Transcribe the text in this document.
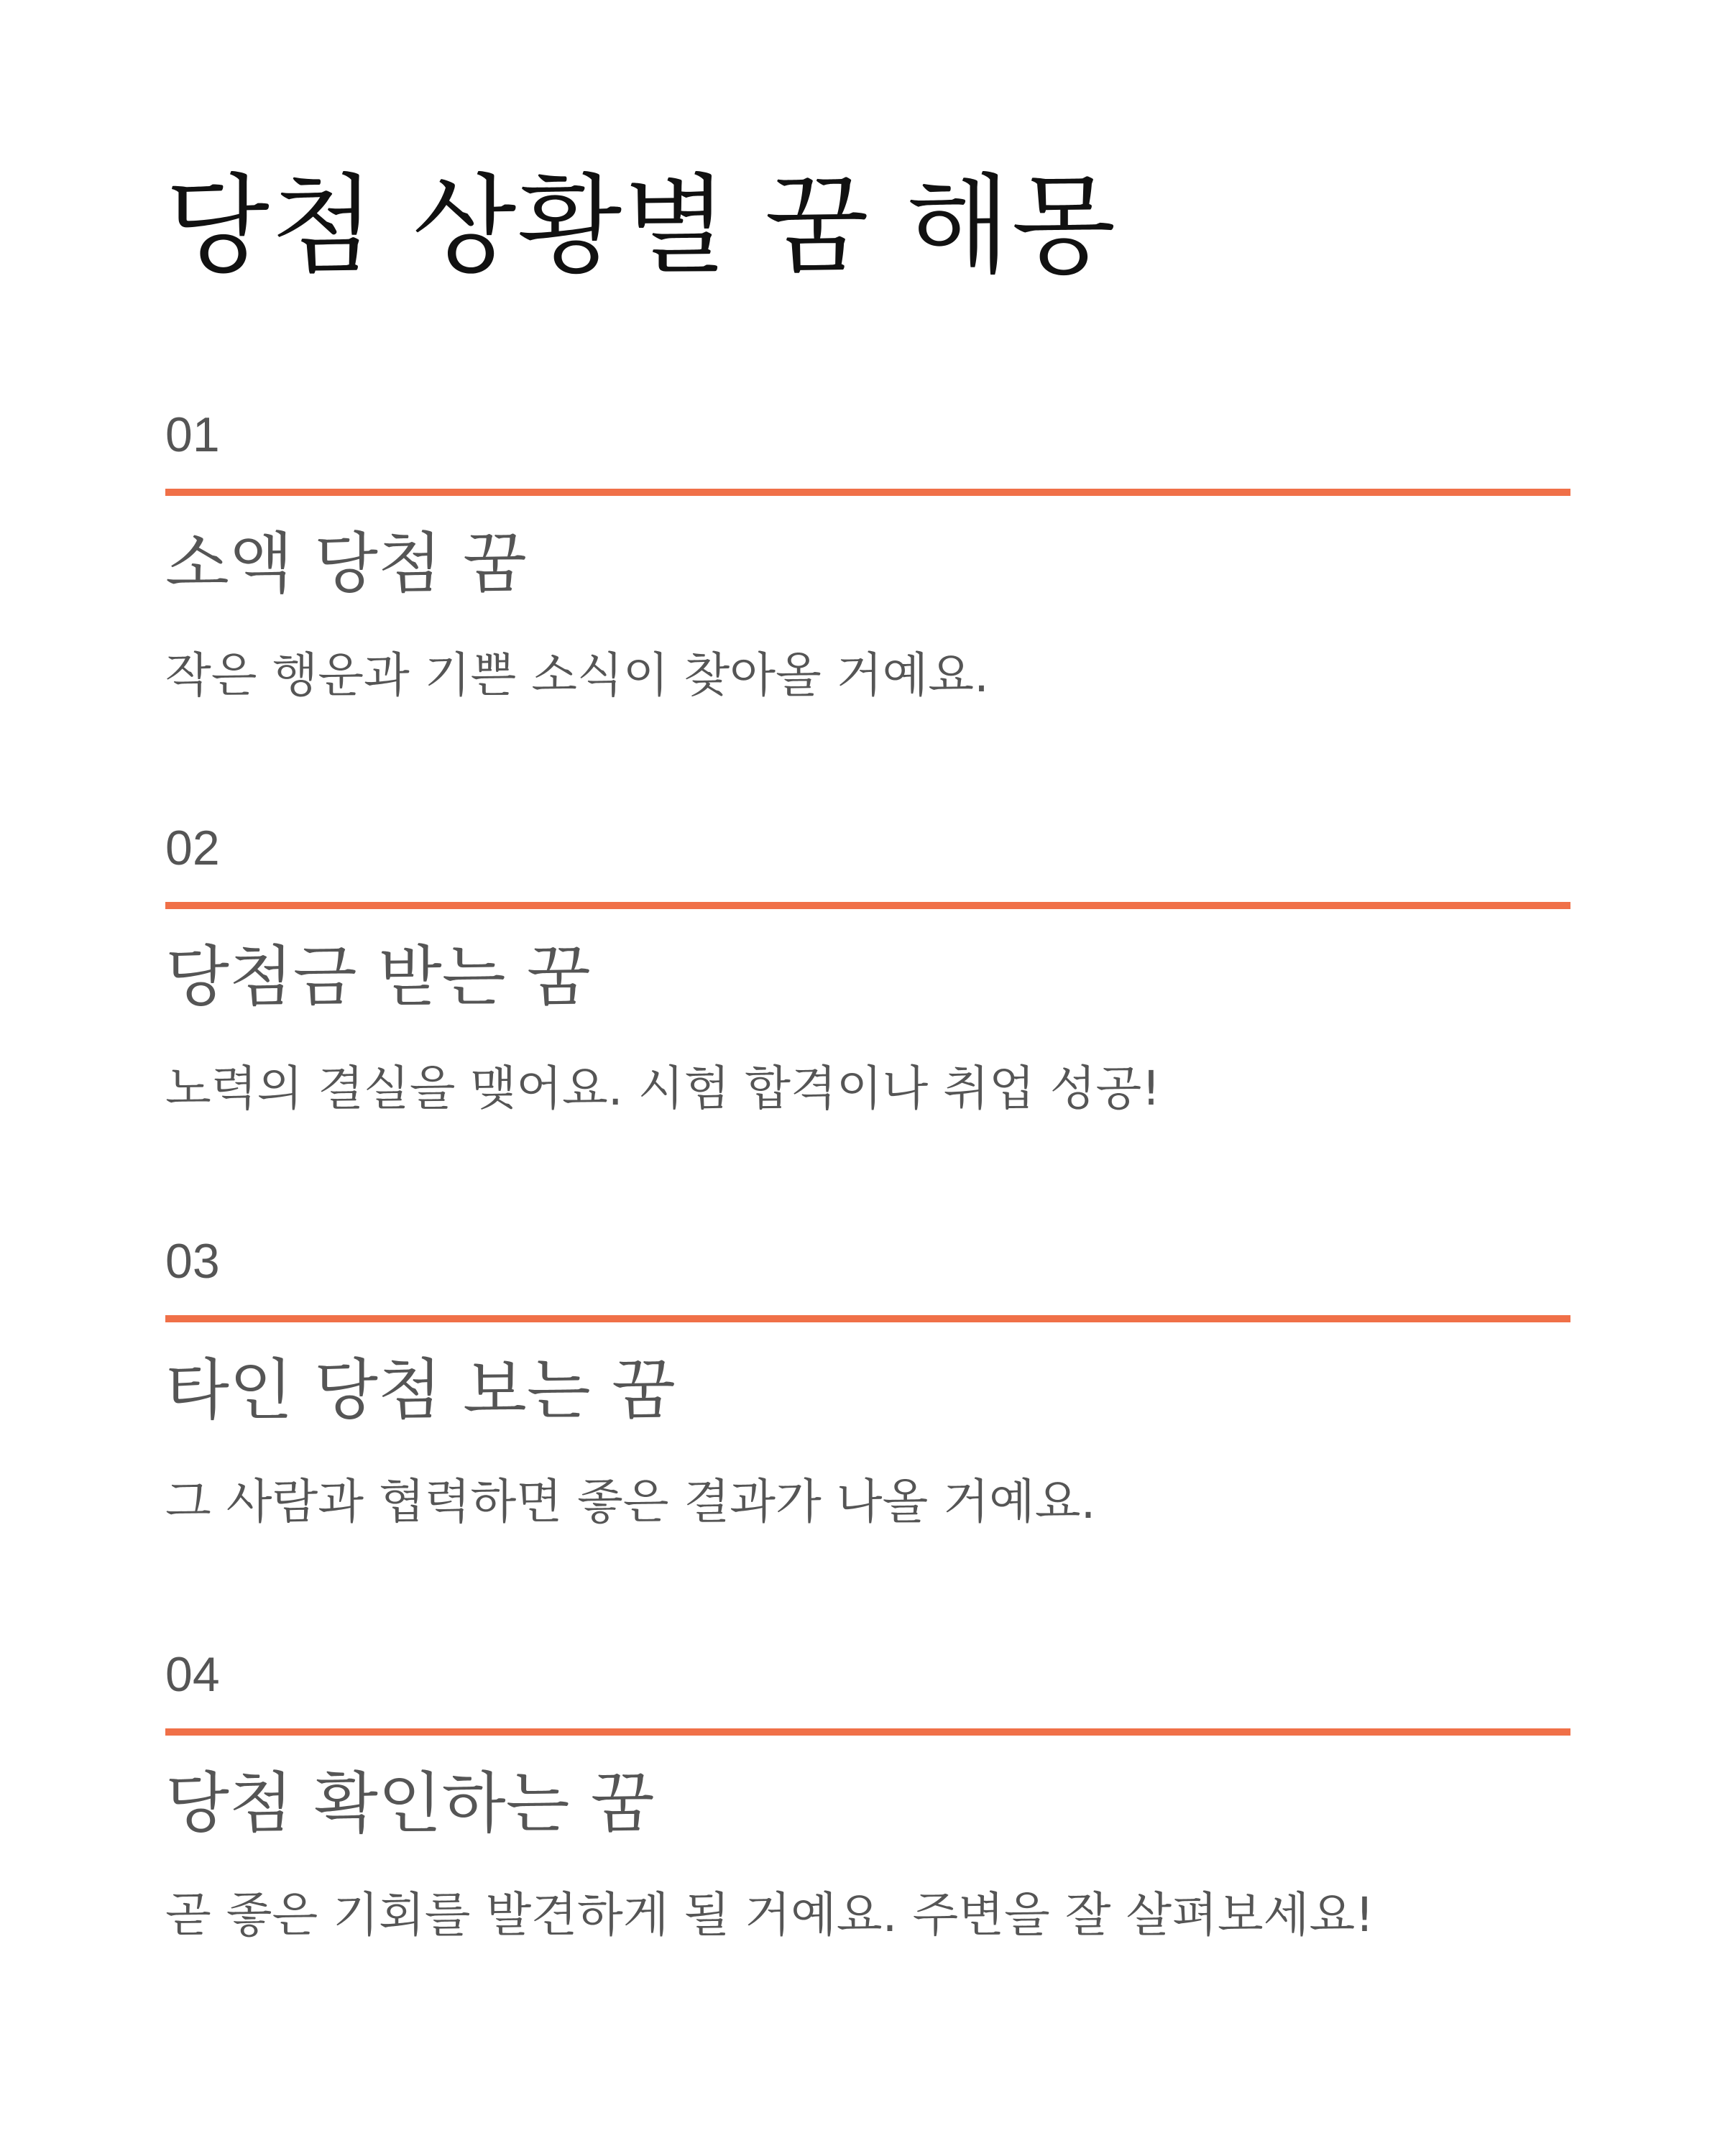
당첨 상황별 꿈 해몽
01
소액 당첨 꿈

작은 행운과 기쁜 소식이 찾아올 거예요.

02
당첨금 받는 꿈

노력의 결실을 맺어요. 시험 합격이나 취업 성공!

03
타인 당첨 보는 꿈

그 사람과 협력하면 좋은 결과가 나올 거예요.

04
당첨 확인하는 꿈

곧 좋은 기회를 발견하게 될 거예요. 주변을 잘 살펴보세요!
